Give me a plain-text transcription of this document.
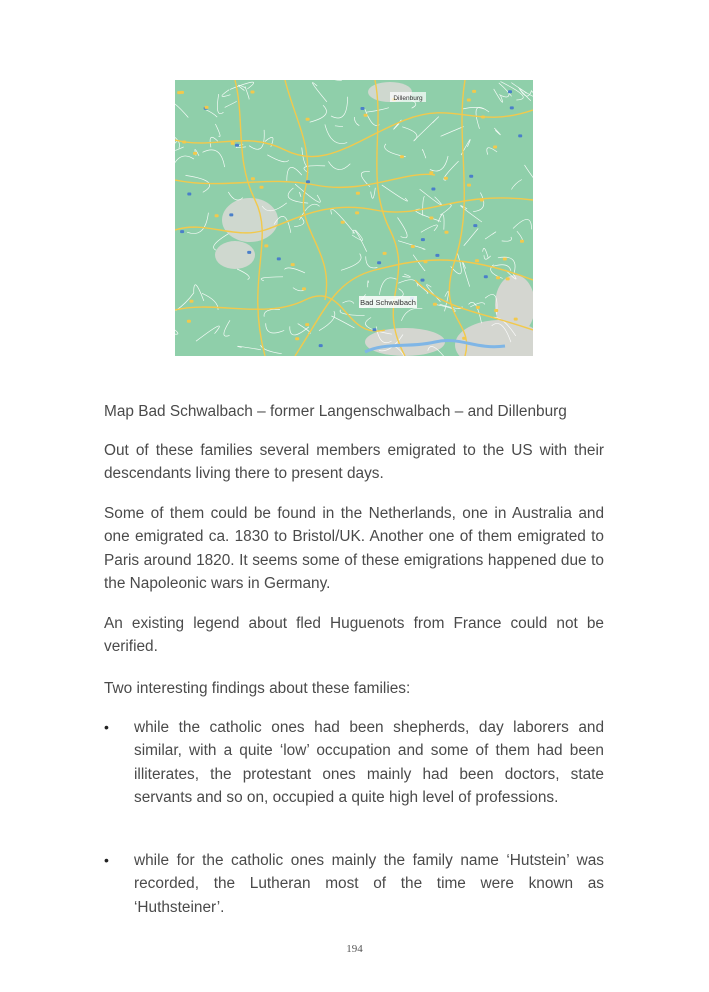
Bad Schwalbach
Dillenburg

Map Bad Schwalbach – former Langenschwalbach – and Dillenburg

Out of these families several members emigrated to the US with their descendants living there to present days.

Some of them could be found in the Netherlands, one in Australia and one emigrated ca. 1830 to Bristol/UK. Another one of them emigrated to Paris around 1820. It seems some of these emigrations happened due to the Napoleonic wars in Germany.

An existing legend about fled Huguenots from France could not be verified.

Two interesting findings about these families:

•	while the catholic ones had been shepherds, day laborers and similar, with a quite ‘low’ occupation and some of them had been illiterates, the protestant ones mainly had been doctors, state servants and so on, occupied a quite high level of professions.
•	while for the catholic ones mainly the family name ‘Hutstein’ was recorded, the Lutheran most of the time were known as ‘Huthsteiner’.
194
